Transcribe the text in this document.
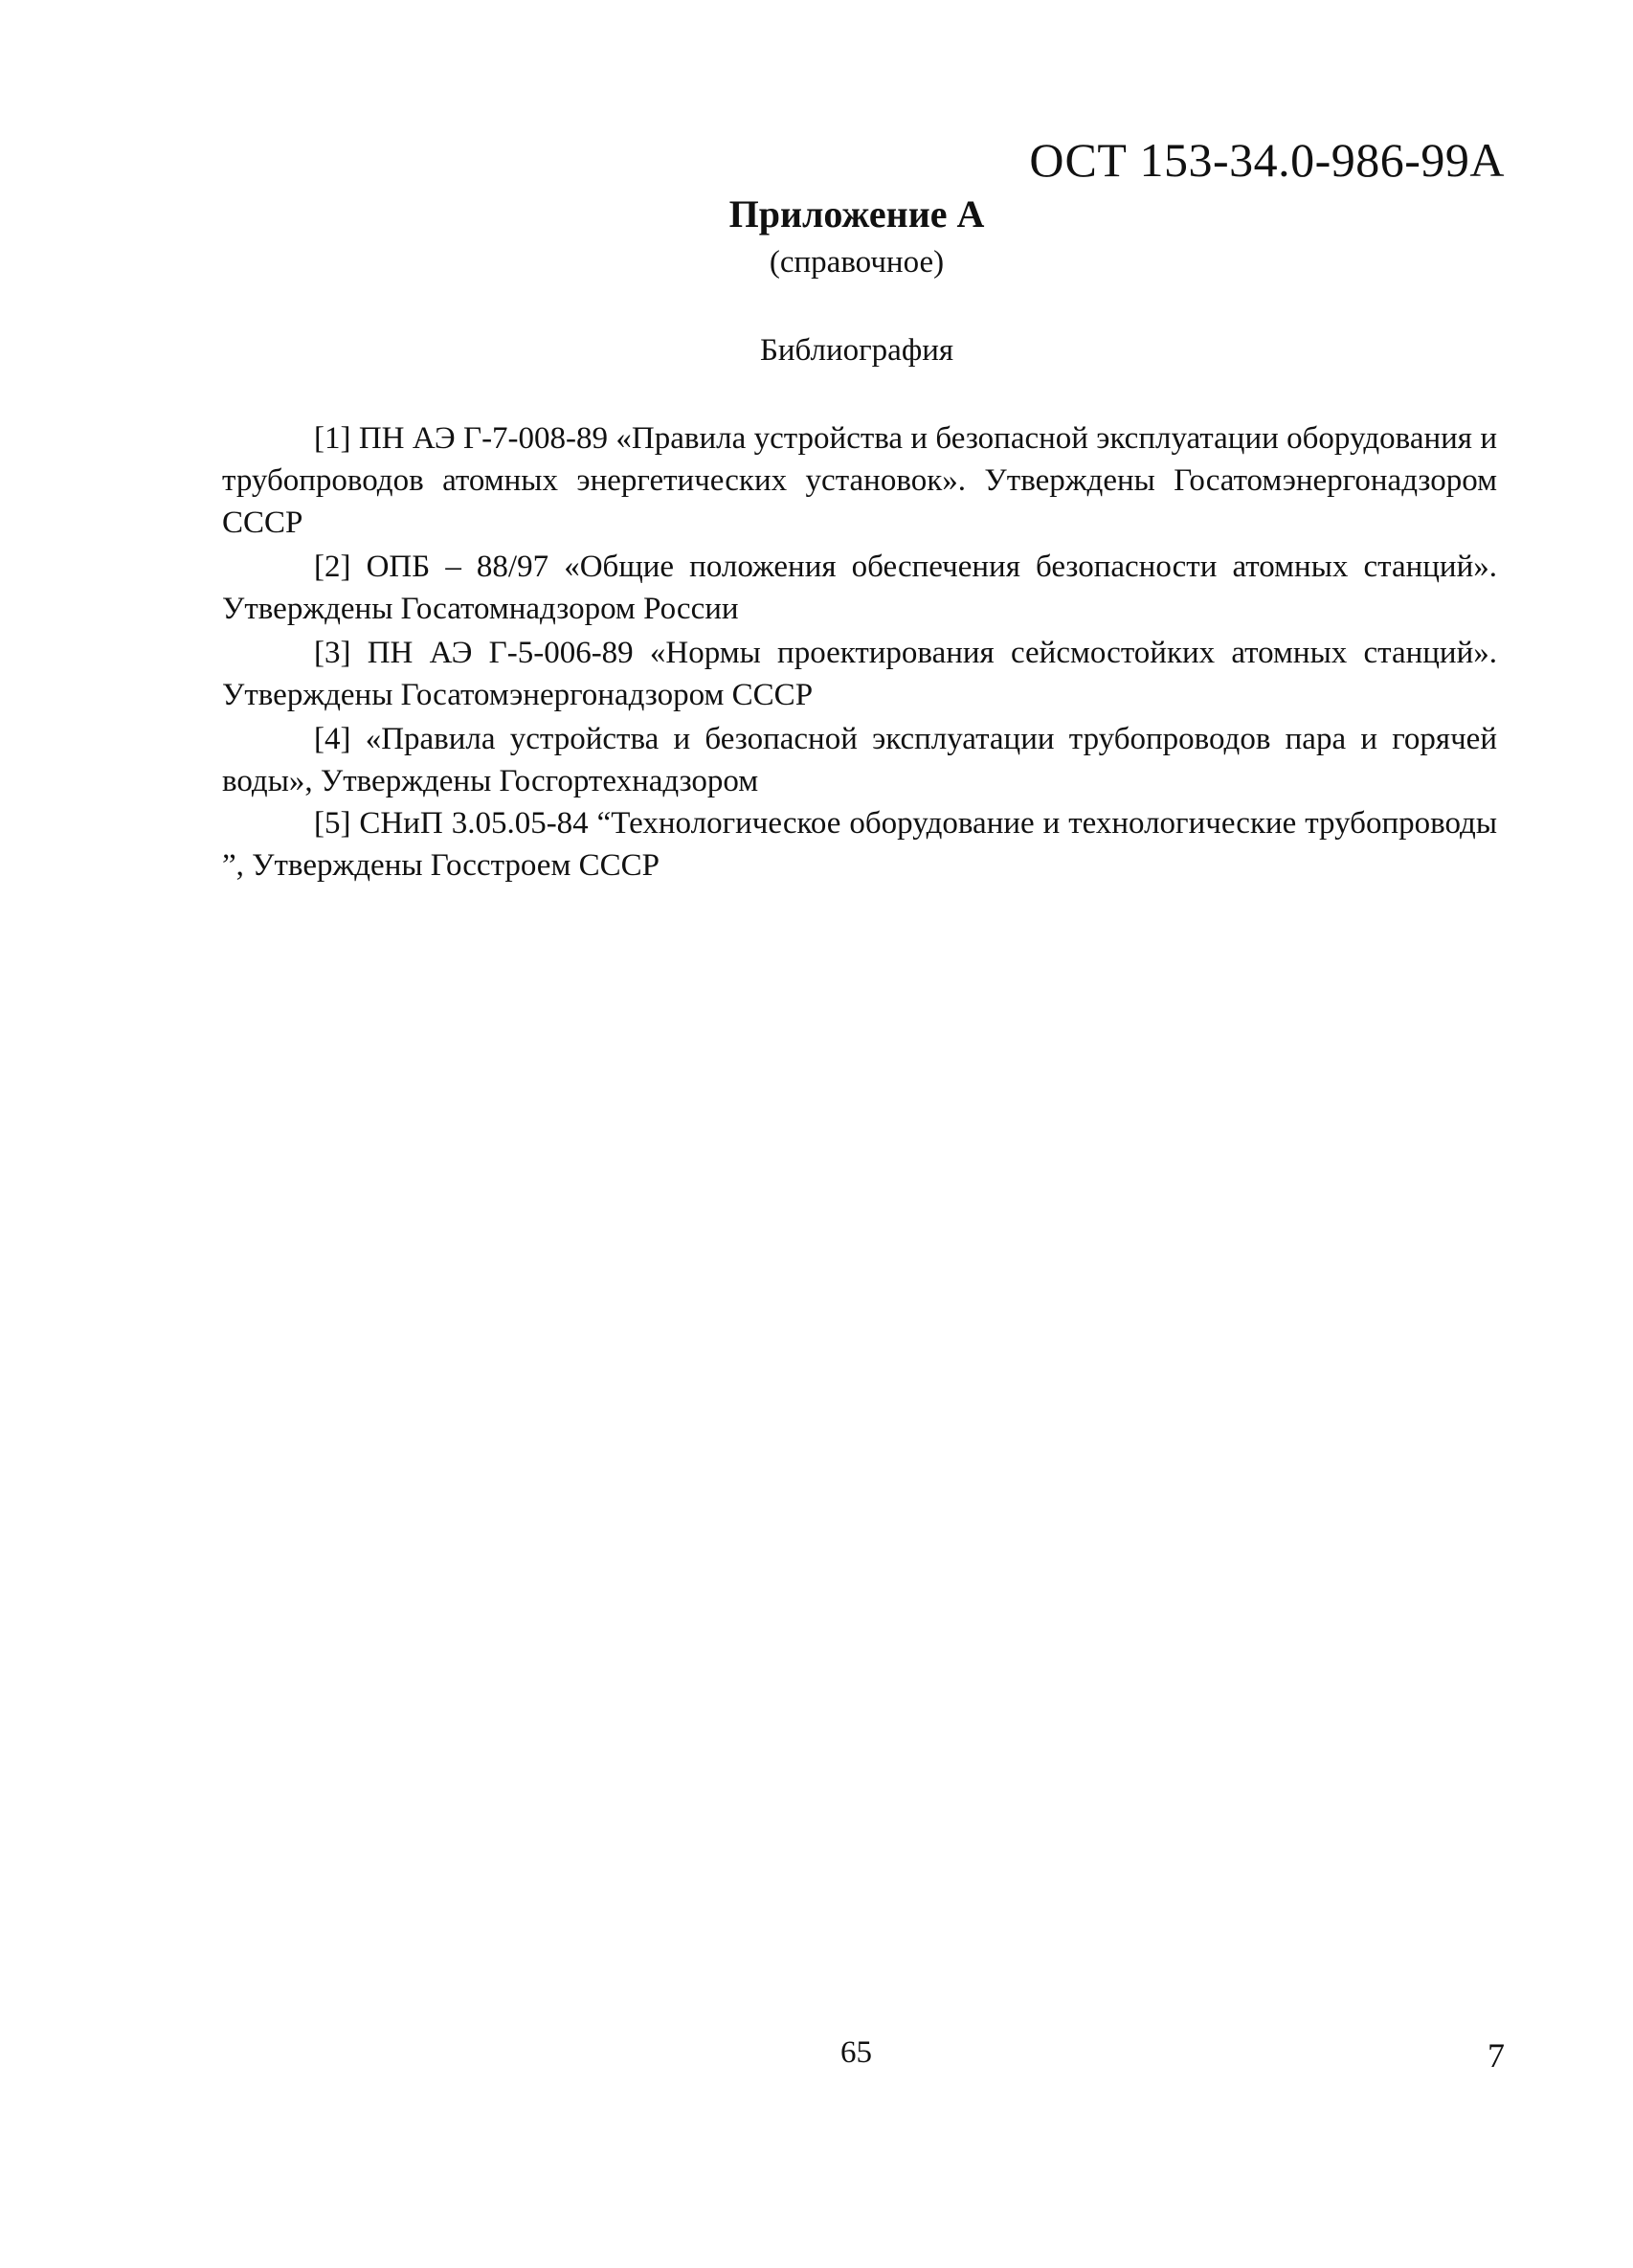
ОСТ 153-34.0-986-99А
Приложение А
(справочное)
Библиография

[1] ПН АЭ Г-7-008-89 «Правила устройства и безопасной эксплуатации оборудования и трубопроводов атомных энергетических установок». Утверждены Госатомэнергонадзором СССР

[2] ОПБ – 88/97 «Общие положения обеспечения безопасности атомных станций». Утверждены Госатомнадзором России

[3] ПН АЭ Г-5-006-89 «Нормы проектирования сейсмостойких атомных станций». Утверждены Госатомэнергонадзором СССР

[4] «Правила устройства и безопасной эксплуатации трубопроводов пара и горячей воды», Утверждены Госгортехнадзором

[5] СНиП 3.05.05-84 “Технологическое оборудование и технологические трубопроводы ”, Утверждены Госстроем СССР

65	7
